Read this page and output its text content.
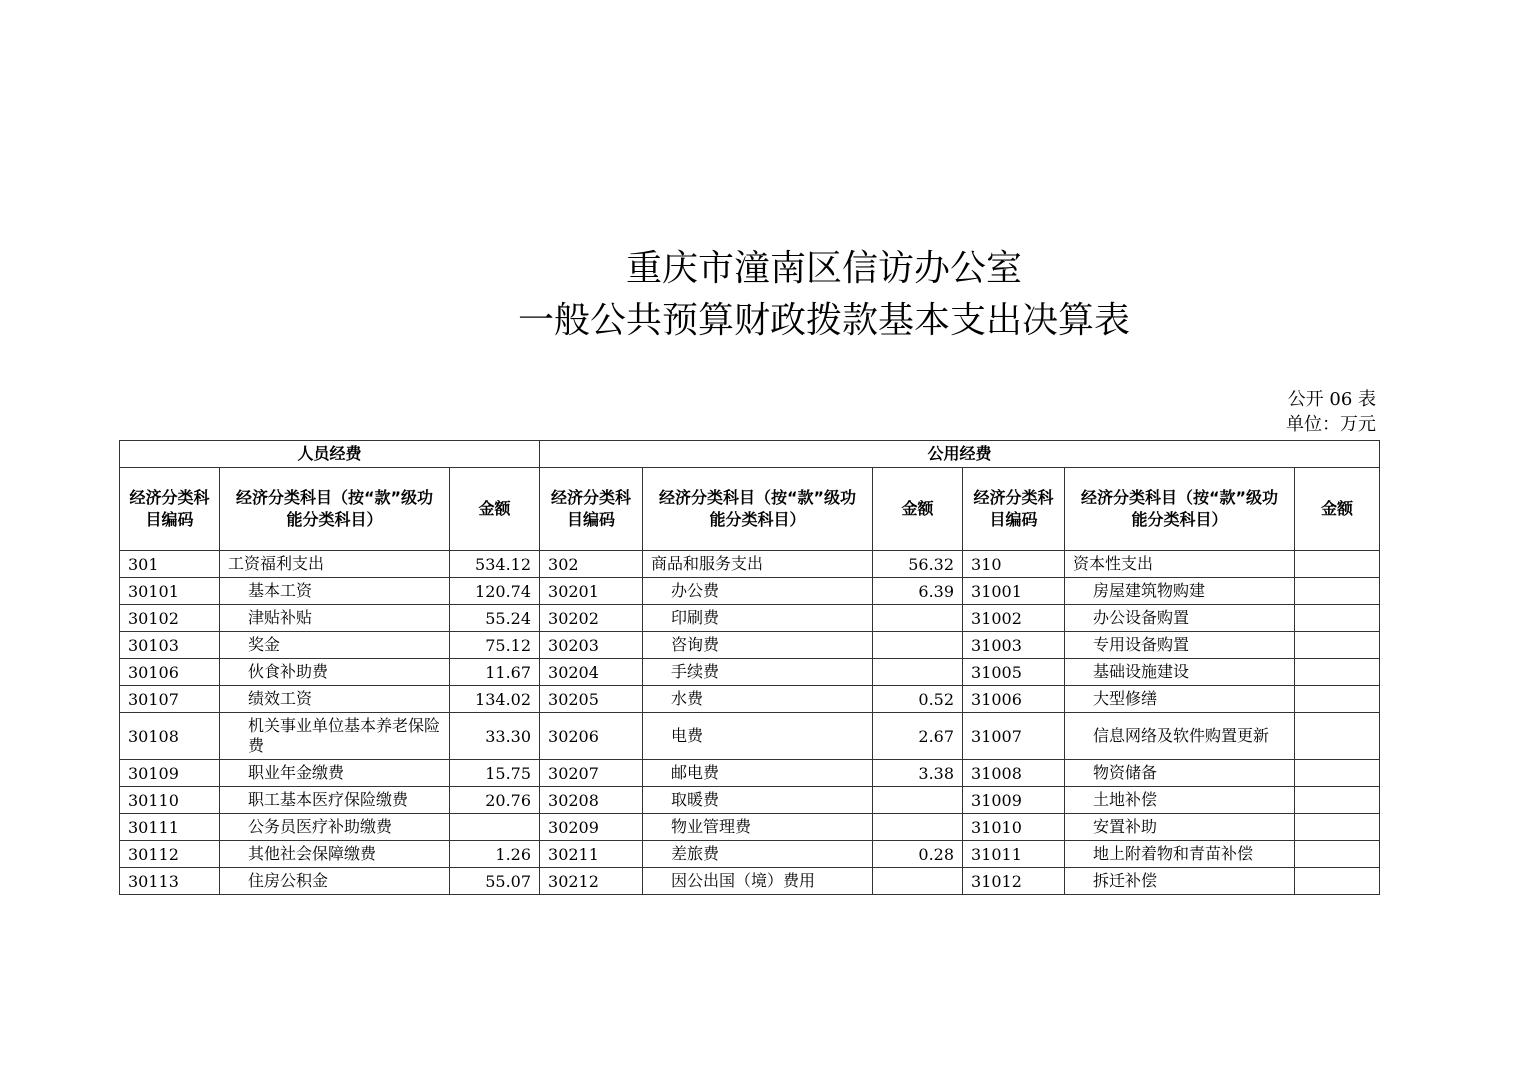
重庆市潼南区信访办公室
一般公共预算财政拨款基本支出决算表
公开 06 表
单位：万元
人员经费			公用经费					
经济分类科目编码	经济分类科目（按“款”级功能分类科目）	金额	经济分类科目编码	经济分类科目（按“款”级功能分类科目）	金额	经济分类科目编码	经济分类科目（按“款”级功能分类科目）	金额
301	工资福利支出	534.12	302	商品和服务支出	56.32	310	资本性支出	
30101	基本工资	120.74	30201	办公费	6.39	31001	房屋建筑物购建	
30102	津贴补贴	55.24	30202	印刷费		31002	办公设备购置	
30103	奖金	75.12	30203	咨询费		31003	专用设备购置	
30106	伙食补助费	11.67	30204	手续费		31005	基础设施建设	
30107	绩效工资	134.02	30205	水费	0.52	31006	大型修缮	
30108	机关事业单位基本养老保险费	33.30	30206	电费	2.67	31007	信息网络及软件购置更新	
30109	职业年金缴费	15.75	30207	邮电费	3.38	31008	物资储备	
30110	职工基本医疗保险缴费	20.76	30208	取暖费		31009	土地补偿	
30111	公务员医疗补助缴费		30209	物业管理费		31010	安置补助	
30112	其他社会保障缴费	1.26	30211	差旅费	0.28	31011	地上附着物和青苗补偿	
30113	住房公积金	55.07	30212	因公出国（境）费用		31012	拆迁补偿	
